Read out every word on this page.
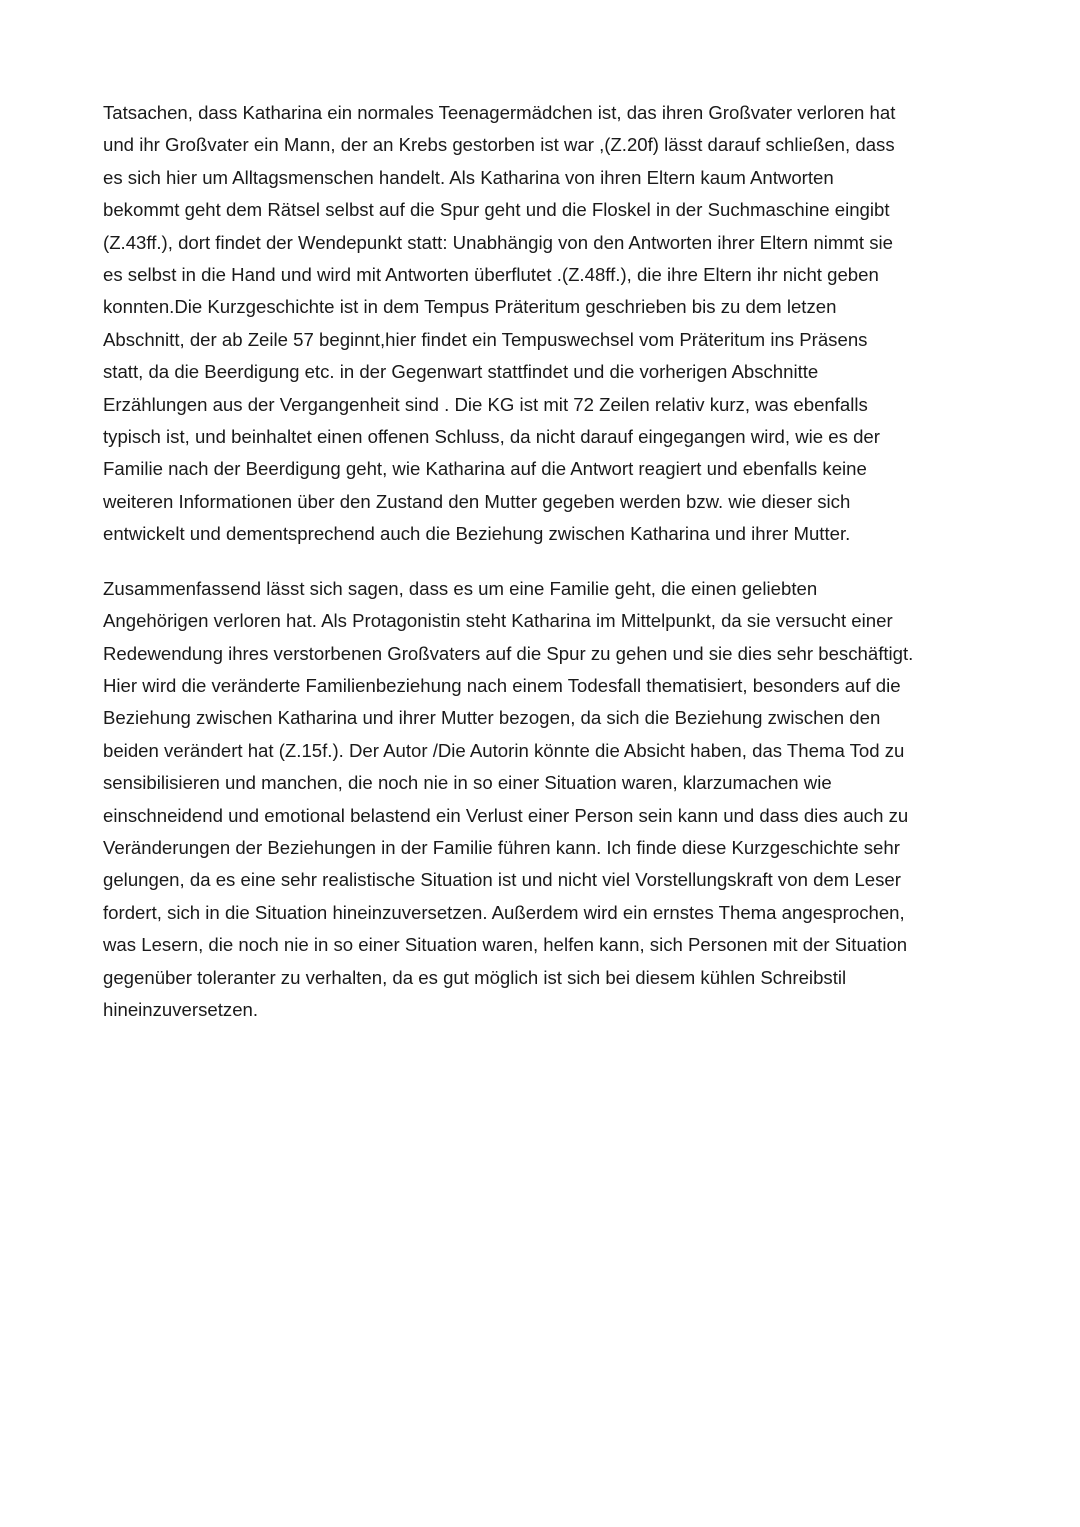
Tatsachen, dass Katharina ein normales Teenagermädchen ist, das ihren Großvater verloren hat
und ihr Großvater ein Mann, der an Krebs gestorben ist war ,(Z.20f) lässt darauf schließen, dass
es sich hier um Alltagsmenschen handelt. Als Katharina von ihren Eltern kaum Antworten
bekommt geht dem Rätsel selbst auf die Spur geht und die Floskel in der Suchmaschine eingibt
(Z.43ff.), dort findet der Wendepunkt statt: Unabhängig von den Antworten ihrer Eltern nimmt sie
es selbst in die Hand und wird mit Antworten überflutet .(Z.48ff.), die ihre Eltern ihr nicht geben
konnten.Die Kurzgeschichte ist in dem Tempus Präteritum geschrieben bis zu dem letzen
Abschnitt, der ab Zeile 57 beginnt,hier findet ein Tempuswechsel vom Präteritum ins Präsens
statt, da die Beerdigung etc. in der Gegenwart stattfindet und die vorherigen Abschnitte
Erzählungen aus der Vergangenheit sind . Die KG ist mit 72 Zeilen relativ kurz, was ebenfalls
typisch ist, und beinhaltet einen offenen Schluss, da nicht darauf eingegangen wird, wie es der
Familie nach der Beerdigung geht, wie Katharina auf die Antwort reagiert und ebenfalls keine
weiteren Informationen über den Zustand den Mutter gegeben werden bzw. wie dieser sich
entwickelt und dementsprechend auch die Beziehung zwischen Katharina und ihrer Mutter.

Zusammenfassend lässt sich sagen, dass es um eine Familie geht, die einen geliebten
Angehörigen verloren hat. Als Protagonistin steht Katharina im Mittelpunkt, da sie versucht einer
Redewendung ihres verstorbenen Großvaters auf die Spur zu gehen und sie dies sehr beschäftigt.
Hier wird die veränderte Familienbeziehung nach einem Todesfall thematisiert, besonders auf die
Beziehung zwischen Katharina und ihrer Mutter bezogen, da sich die Beziehung zwischen den
beiden verändert hat (Z.15f.). Der Autor /Die Autorin könnte die Absicht haben, das Thema Tod zu
sensibilisieren und manchen, die noch nie in so einer Situation waren, klarzumachen wie
einschneidend und emotional belastend ein Verlust einer Person sein kann und dass dies auch zu
Veränderungen der Beziehungen in der Familie führen kann. Ich finde diese Kurzgeschichte sehr
gelungen, da es eine sehr realistische Situation ist und nicht viel Vorstellungskraft von dem Leser
fordert, sich in die Situation hineinzuversetzen. Außerdem wird ein ernstes Thema angesprochen,
was Lesern, die noch nie in so einer Situation waren, helfen kann, sich Personen mit der Situation
gegenüber toleranter zu verhalten, da es gut möglich ist sich bei diesem kühlen Schreibstil
hineinzuversetzen.
